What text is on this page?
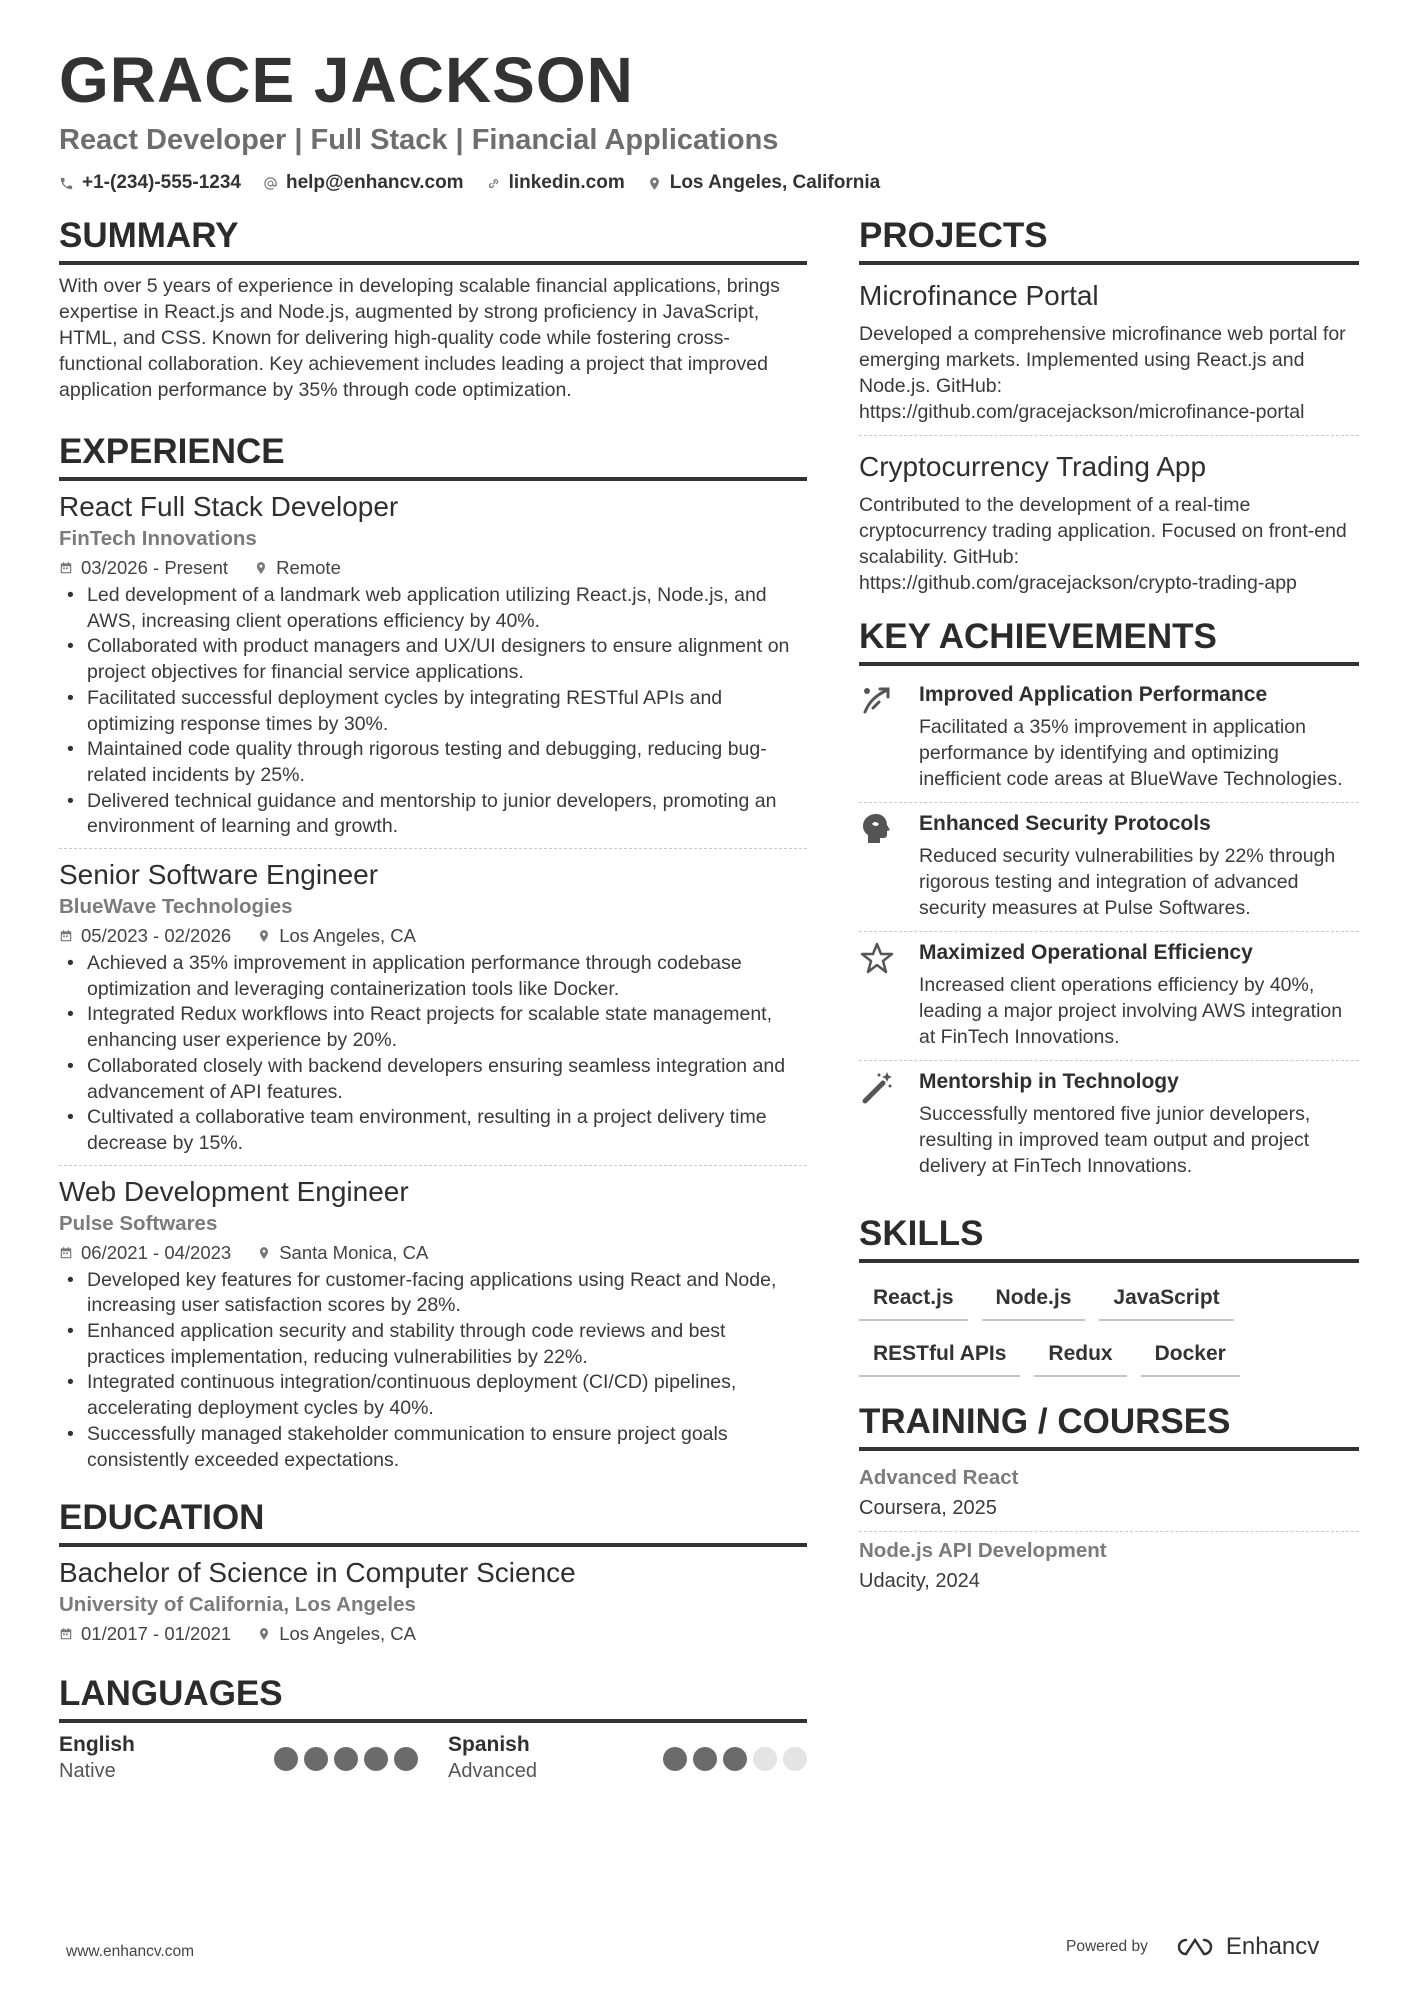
GRACE JACKSON
React Developer | Full Stack | Financial Applications
+1-(234)-555-1234 help@enhancv.com linkedin.com Los Angeles, California
SUMMARY

With over 5 years of experience in developing scalable financial applications, brings expertise in React.js and Node.js, augmented by strong proficiency in JavaScript, HTML, and CSS. Known for delivering high-quality code while fostering cross-functional collaboration. Key achievement includes leading a project that improved application performance by 35% through code optimization.

EXPERIENCE
React Full Stack Developer
FinTech Innovations
03/2026 - Present	Remote
• Led development of a landmark web application utilizing React.js, Node.js, and AWS, increasing client operations efficiency by 40%.
• Collaborated with product managers and UX/UI designers to ensure alignment on project objectives for financial service applications.
• Facilitated successful deployment cycles by integrating RESTful APIs and optimizing response times by 30%.
• Maintained code quality through rigorous testing and debugging, reducing bug-related incidents by 25%.
• Delivered technical guidance and mentorship to junior developers, promoting an environment of learning and growth.
Senior Software Engineer
BlueWave Technologies
05/2023 - 02/2026	Los Angeles, CA
• Achieved a 35% improvement in application performance through codebase optimization and leveraging containerization tools like Docker.
• Integrated Redux workflows into React projects for scalable state management, enhancing user experience by 20%.
• Collaborated closely with backend developers ensuring seamless integration and advancement of API features.
• Cultivated a collaborative team environment, resulting in a project delivery time decrease by 15%.
Web Development Engineer
Pulse Softwares
06/2021 - 04/2023	Santa Monica, CA
• Developed key features for customer-facing applications using React and Node, increasing user satisfaction scores by 28%.
• Enhanced application security and stability through code reviews and best practices implementation, reducing vulnerabilities by 22%.
• Integrated continuous integration/continuous deployment (CI/CD) pipelines, accelerating deployment cycles by 40%.
• Successfully managed stakeholder communication to ensure project goals consistently exceeded expectations.
EDUCATION
Bachelor of Science in Computer Science
University of California, Los Angeles
01/2017 - 01/2021	Los Angeles, CA
LANGUAGES
English
Native
Spanish
Advanced
PROJECTS
Microfinance Portal

Developed a comprehensive microfinance web portal for emerging markets. Implemented using React.js and Node.js. GitHub: https://github.com/gracejackson/microfinance-portal

Cryptocurrency Trading App

Contributed to the development of a real-time cryptocurrency trading application. Focused on front-end scalability. GitHub: https://github.com/gracejackson/crypto-trading-app

KEY ACHIEVEMENTS
Improved Application Performance

Facilitated a 35% improvement in application performance by identifying and optimizing inefficient code areas at BlueWave Technologies.

Enhanced Security Protocols

Reduced security vulnerabilities by 22% through rigorous testing and integration of advanced security measures at Pulse Softwares.

Maximized Operational Efficiency

Increased client operations efficiency by 40%, leading a major project involving AWS integration at FinTech Innovations.

Mentorship in Technology

Successfully mentored five junior developers, resulting in improved team output and project delivery at FinTech Innovations.

SKILLS
React.js	Node.js	JavaScript
RESTful APIs	Redux	Docker
TRAINING / COURSES
Advanced React
Coursera, 2025
Node.js API Development
Udacity, 2024
www.enhancv.com	Powered by	Enhancv
